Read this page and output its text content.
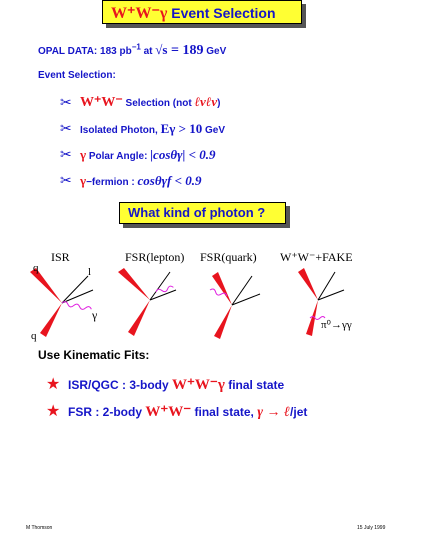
W⁺W⁻γ Event Selection
OPAL DATA: 183 $pb^{-1}$ at √s = 189 GeV
Event Selection:
✂ W⁺W⁻ Selection (not ℓνℓν)
✂ Isolated Photon, Eγ > 10 GeV
✂ γ Polar Angle: |cosθγ| < 0.9
✂ γ−fermion : cosθγf < 0.9
What kind of photon ?
ISR	FSR(lepton) FSR(quark) W⁺W⁻+FAKE
q	l
γ
q
π⁰→γγ
Use Kinematic Fits:
★ ISR/QGC : 3-body W⁺W⁻γ final state
★ FSR : 2-body W⁺W⁻ final state, γ → ℓ/jet
M Thomson	15 July 1999
